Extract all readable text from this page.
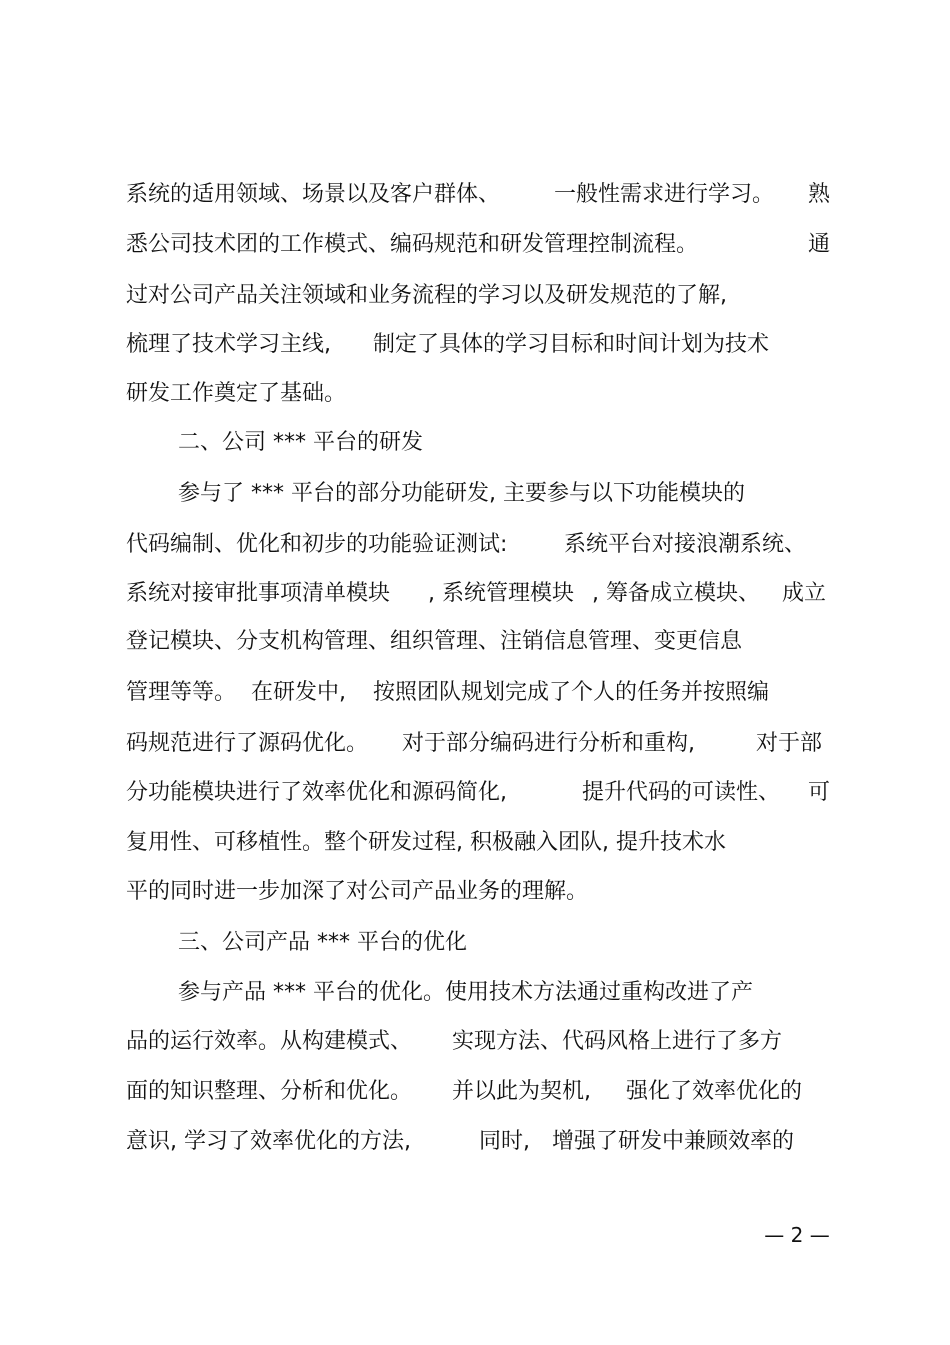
系统的适用领域、场景以及客户群体、

一般性需求进行学习。

熟

悉公司技术团的工作模式、编码规范和研发管理控制流程。

	通

过对公司产品关注领域和业务流程的学习以及研发规范的了解,

梳理了技术学习主线,

制定了具体的学习目标和时间计划为技术

研发工作奠定了基础。

二、公司 *** 平台的研发

参与了 *** 平台的部分功能研发, 主要参与以下功能模块的

代码编制、优化和初步的功能验证测试:

	系统平台对接浪潮系统、

系统对接审批事项清单模块

, 系统管理模块

, 筹备成立模块、

成立

登记模块、分支机构管理、组织管理、注销信息管理、变更信息

管理等等。

在研发中,

按照团队规划完成了个人的任务并按照编

码规范进行了源码优化。

对于部分编码进行分析和重构,

	对于部

分功能模块进行了效率优化和源码简化,

	提升代码的可读性、

可

复用性、可移植性。整个研发过程, 积极融入团队, 提升技术水

平的同时进一步加深了对公司产品业务的理解。

三、公司产品 *** 平台的优化

参与产品 *** 平台的优化。使用技术方法通过重构改进了产

品的运行效率。从构建模式、

实现方法、代码风格上进行了多方

面的知识整理、分析和优化。

并以此为契机,

强化了效率优化的

意识, 学习了效率优化的方法,

	同时,

增强了研发中兼顾效率的

— 2 —
